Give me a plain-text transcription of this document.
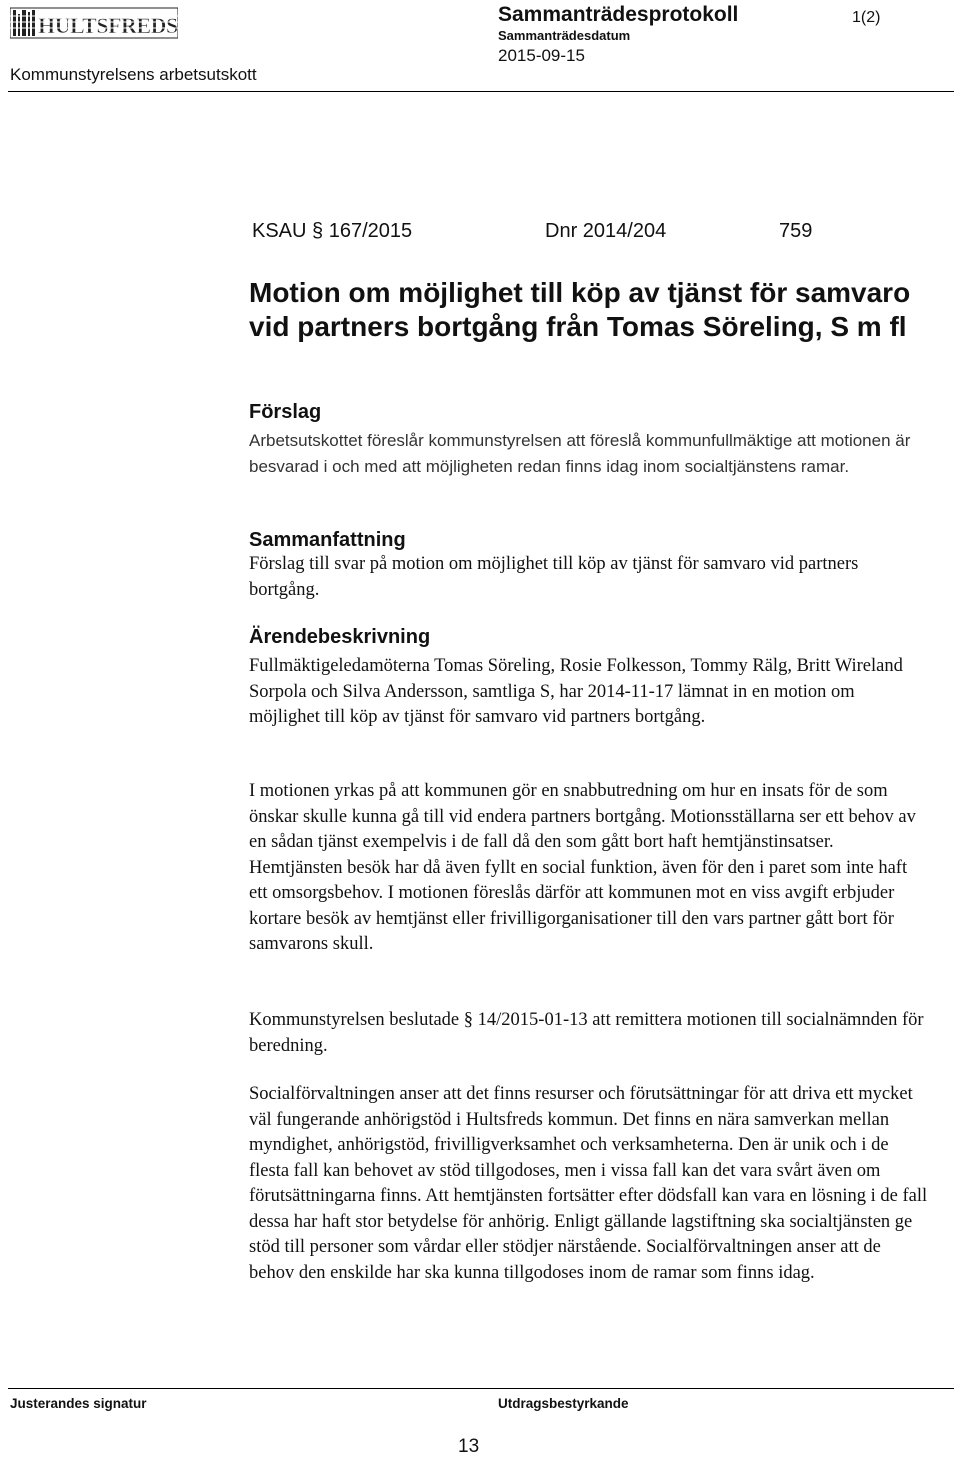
HULTSFREDS	Sammanträdesprotokoll
Sammanträdesdatum
2015-09-15
1(2)
Kommunstyrelsens arbetsutskott
KSAU § 167/2015	Dnr 2014/204	759
Motion om möjlighet till köp av tjänst för samvaro vid partners bortgång från Tomas Söreling, S m fl
Förslag
Arbetsutskottet föreslår kommunstyrelsen att föreslå kommunfullmäktige att motionen är besvarad i och med att möjligheten redan finns idag inom socialtjänstens ramar.
Sammanfattning
Förslag till svar på motion om möjlighet till köp av tjänst för samvaro vid partners bortgång.
Ärendebeskrivning
Fullmäktigeledamöterna Tomas Söreling, Rosie Folkesson, Tommy Rälg, Britt Wireland Sorpola och Silva Andersson, samtliga S, har 2014-11-17 lämnat in en motion om möjlighet till köp av tjänst för samvaro vid partners bortgång.
I motionen yrkas på att kommunen gör en snabbutredning om hur en insats för de som önskar skulle kunna gå till vid endera partners bortgång. Motionsställarna ser ett behov av en sådan tjänst exempelvis i de fall då den som gått bort haft hemtjänstinsatser. Hemtjänsten besök har då även fyllt en social funktion, även för den i paret som inte haft ett omsorgsbehov. I motionen föreslås därför att kommunen mot en viss avgift erbjuder kortare besök av hemtjänst eller frivilligorganisationer till den vars partner gått bort för samvarons skull.
Kommunstyrelsen beslutade § 14/2015-01-13 att remittera motionen till socialnämnden för beredning.
Socialförvaltningen anser att det finns resurser och förutsättningar för att driva ett mycket väl fungerande anhörigstöd i Hultsfreds kommun. Det finns en nära samverkan mellan myndighet, anhörigstöd, frivilligverksamhet och verksamheterna. Den är unik och i de flesta fall kan behovet av stöd tillgodoses, men i vissa fall kan det vara svårt även om förutsättningarna finns. Att hemtjänsten fortsätter efter dödsfall kan vara en lösning i de fall dessa har haft stor betydelse för anhörig. Enligt gällande lagstiftning ska socialtjänsten ge stöd till personer som vårdar eller stödjer närstående. Socialförvaltningen anser att de behov den enskilde har ska kunna tillgodoses inom de ramar som finns idag.
Justerandes signatur	Utdragsbestyrkande
13
